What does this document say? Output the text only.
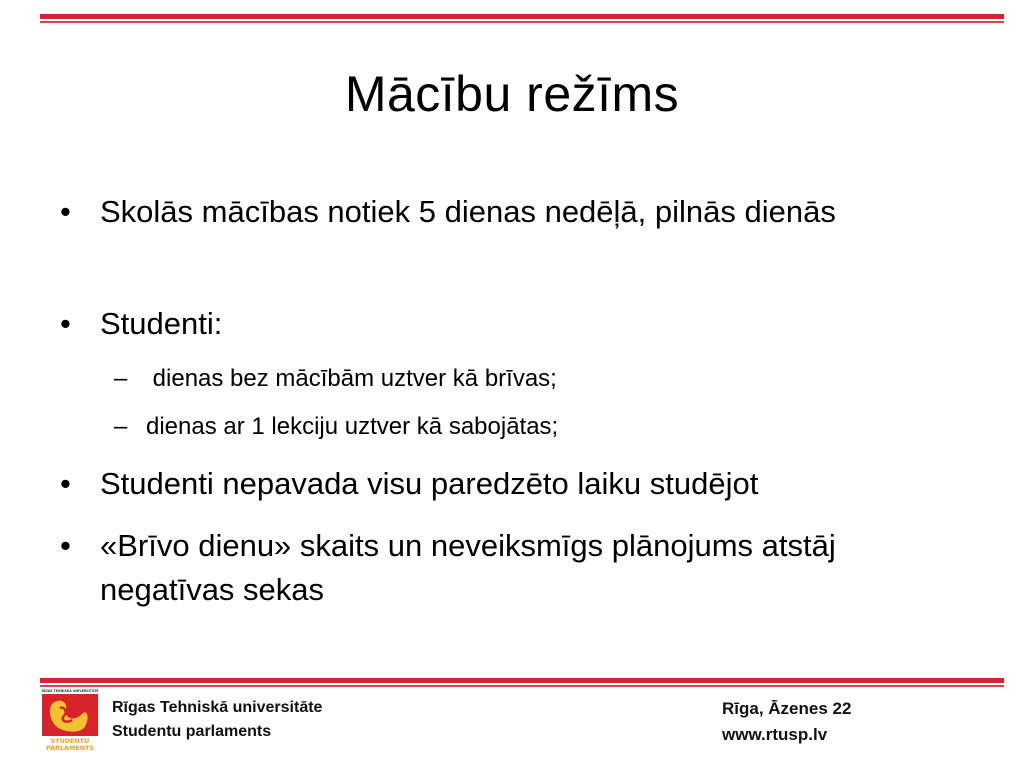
Mācību režīms
• Skolās mācības notiek 5 dienas nedēļā, pilnās dienās
• Studenti:
– dienas bez mācībām uztver kā brīvas;
– dienas ar 1 lekciju uztver kā sabojātas;
• Studenti nepavada visu paredzēto laiku studējot
• «Brīvo dienu» skaits un neveiksmīgs plānojums atstāj negatīvas sekas
RĪGAS TEHNISKĀ UNIVERSITĀTE
STUDENTU
PARLAMENTS
Rīgas Tehniskā universitāte
Studentu parlaments
Rīga, Āzenes 22
www.rtusp.lv
